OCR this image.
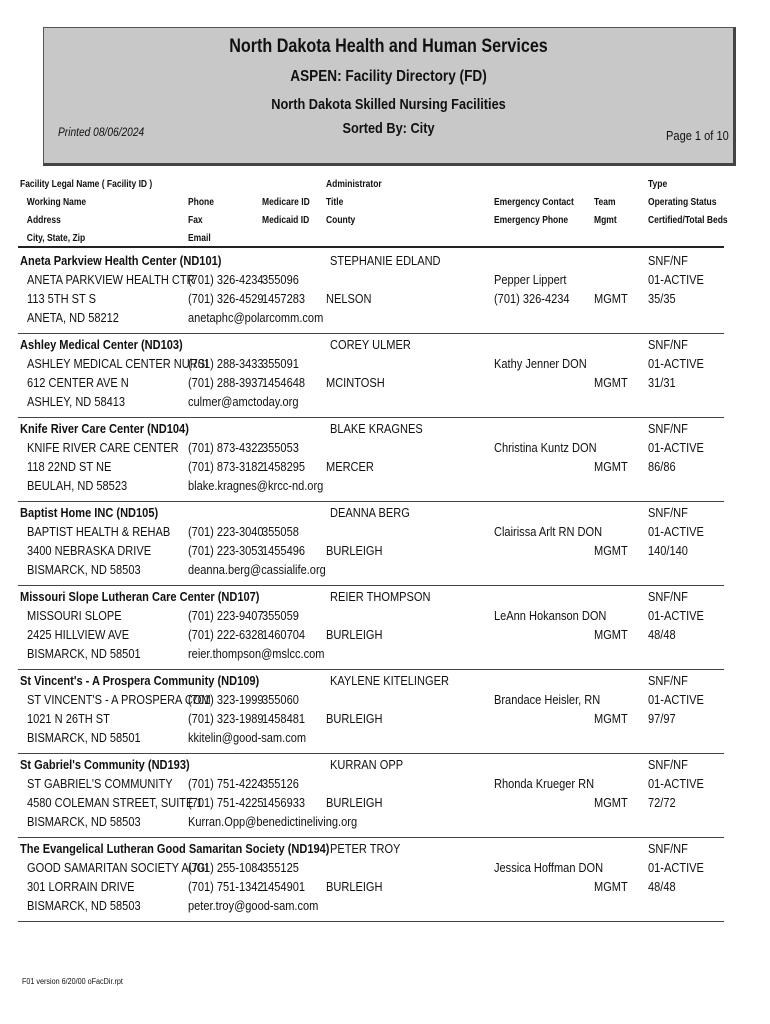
North Dakota Health and Human Services
ASPEN: Facility Directory (FD)
North Dakota Skilled Nursing Facilities
Sorted By: City
Printed 08/06/2024	Page 1 of 10
Facility Legal Name ( Facility ID )
Working Name
Address
City, State, Zip
Phone
Fax
Email
Medicare ID
Medicaid ID
Administrator
Title
County
Emergency Contact
Emergency Phone
Team
Mgmt
Type
Operating Status
Certified/Total Beds
Aneta Parkview Health Center (ND101)
ANETA PARKVIEW HEALTH CTR
113 5TH ST S
ANETA, ND 58212
(701) 326-4234
(701) 326-4529
anetaphc@polarcomm.com
355096
1457283
STEPHANIE EDLAND
NELSON
Pepper Lippert
(701) 326-4234 MGMT
SNF/NF
01-ACTIVE
35/35
Ashley Medical Center (ND103)
ASHLEY MEDICAL CENTER NURSI
612 CENTER AVE N
ASHLEY, ND 58413
(701) 288-3433
(701) 288-3937
culmer@amctoday.org
355091
1454648
COREY ULMER
MCINTOSH
Kathy Jenner DON
MGMT
SNF/NF
01-ACTIVE
31/31
Knife River Care Center (ND104)
KNIFE RIVER CARE CENTER
118 22ND ST NE
BEULAH, ND 58523
(701) 873-4322
(701) 873-3182
blake.kragnes@krcc-nd.org
355053
1458295
BLAKE KRAGNES
MERCER
Christina Kuntz DON
MGMT
SNF/NF
01-ACTIVE
86/86
Baptist Home INC (ND105)
BAPTIST HEALTH & REHAB
3400 NEBRASKA DRIVE
BISMARCK, ND 58503
(701) 223-3040
(701) 223-3053
deanna.berg@cassialife.org
355058
1455496
DEANNA BERG
BURLEIGH
Clairissa Arlt RN DON
MGMT
SNF/NF
01-ACTIVE
140/140
Missouri Slope Lutheran Care Center (ND107)
MISSOURI SLOPE
2425 HILLVIEW AVE
BISMARCK, ND 58501
(701) 223-9407
(701) 222-6328
reier.thompson@mslcc.com
355059
1460704
REIER THOMPSON
BURLEIGH
LeAnn Hokanson DON
MGMT
SNF/NF
01-ACTIVE
48/48
St Vincent's - A Prospera Community (ND109)
ST VINCENT'S - A PROSPERA COM
1021 N 26TH ST
BISMARCK, ND 58501
(701) 323-1999
(701) 323-1989
kkitelin@good-sam.com
355060
1458481
KAYLENE KITELINGER
BURLEIGH
Brandace Heisler, RN
MGMT
SNF/NF
01-ACTIVE
97/97
St Gabriel's Community (ND193)
ST GABRIEL'S COMMUNITY
4580 COLEMAN STREET, SUITE 1
BISMARCK, ND 58503
(701) 751-4224
(701) 751-4225
Kurran.Opp@benedictineliving.org
355126
1456933
KURRAN OPP
BURLEIGH
Rhonda Krueger RN
MGMT
SNF/NF
01-ACTIVE
72/72
The Evangelical Lutheran Good Samaritan Society (ND194)
GOOD SAMARITAN SOCIETY AUGI
301 LORRAIN DRIVE
BISMARCK, ND 58503
(701) 255-1084
(701) 751-1342
peter.troy@good-sam.com
355125
1454901
PETER TROY
BURLEIGH
Jessica Hoffman DON
MGMT
SNF/NF
01-ACTIVE
48/48
F01 version 6/20/00 oFacDir.rpt
